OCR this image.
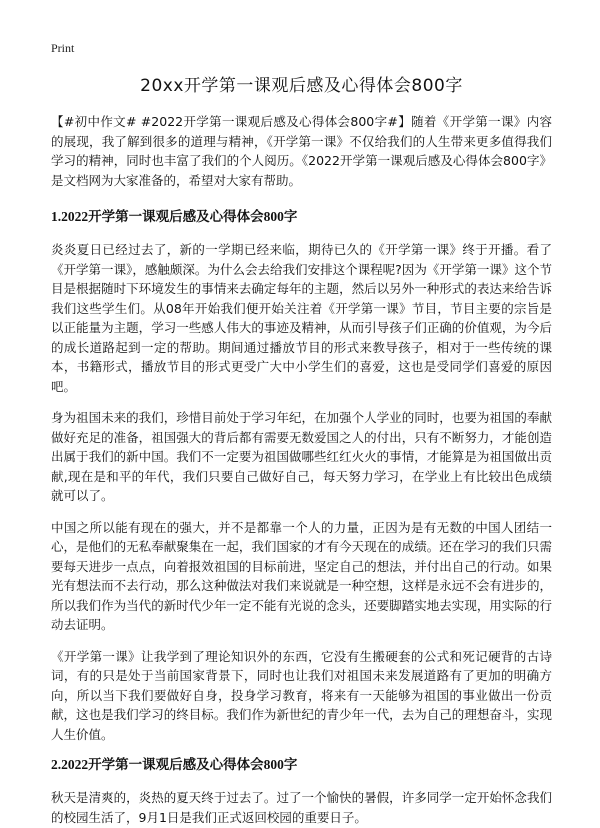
Print
20xx开学第一课观后感及心得体会800字

【#初中作文# #2022开学第一课观后感及心得体会800字#】随着《开学第一课》内容的展现，我了解到很多的道理与精神，《开学第一课》不仅给我们的人生带来更多值得我们学习的精神，同时也丰富了我们的个人阅历。《2022开学第一课观后感及心得体会800字》是文档网为大家准备的，希望对大家有帮助。

1.2022开学第一课观后感及心得体会800字

炎炎夏日已经过去了，新的一学期已经来临，期待已久的《开学第一课》终于开播。看了《开学第一课》，感触颇深。为什么会去给我们安排这个课程呢?因为《开学第一课》这个节目是根据随时下环境发生的事情来去确定每年的主题，然后以另外一种形式的表达来给告诉我们这些学生们。从08年开始我们便开始关注着《开学第一课》节目，节目主要的宗旨是以正能量为主题，学习一些感人伟大的事迹及精神，从而引导孩子们正确的价值观，为今后的成长道路起到一定的帮助。期间通过播放节目的形式来教导孩子，相对于一些传统的课本，书籍形式，播放节目的形式更受广大中小学生们的喜爱，这也是受同学们喜爱的原因吧。

身为祖国未来的我们，珍惜目前处于学习年纪，在加强个人学业的同时，也要为祖国的奉献做好充足的准备，祖国强大的背后都有需要无数爱国之人的付出，只有不断努力，才能创造出属于我们的新中国。我们不一定要为祖国做哪些红红火火的事情，才能算是为祖国做出贡献,现在是和平的年代，我们只要自己做好自己，每天努力学习，在学业上有比较出色成绩就可以了。

中国之所以能有现在的强大，并不是都靠一个人的力量，正因为是有无数的中国人团结一心，是他们的无私奉献聚集在一起，我们国家的才有今天现在的成绩。还在学习的我们只需要每天进步一点点，向着报效祖国的目标前进，坚定自己的想法，并付出自己的行动。如果光有想法而不去行动，那么这种做法对我们来说就是一种空想，这样是永远不会有进步的，所以我们作为当代的新时代少年一定不能有光说的念头，还要脚踏实地去实现，用实际的行动去证明。

《开学第一课》让我学到了理论知识外的东西，它没有生搬硬套的公式和死记硬背的古诗词，有的只是处于当前国家背景下，同时也让我们对祖国未来发展道路有了更加的明确方向，所以当下我们要做好自身，投身学习教育，将来有一天能够为祖国的事业做出一份贡献，这也是我们学习的终目标。我们作为新世纪的青少年一代，去为自己的理想奋斗，实现人生价值。

2.2022开学第一课观后感及心得体会800字

秋天是清爽的，炎热的夏天终于过去了。过了一个愉快的暑假，许多同学一定开始怀念我们的校园生活了，9月1日是我们正式返回校园的重要日子。
